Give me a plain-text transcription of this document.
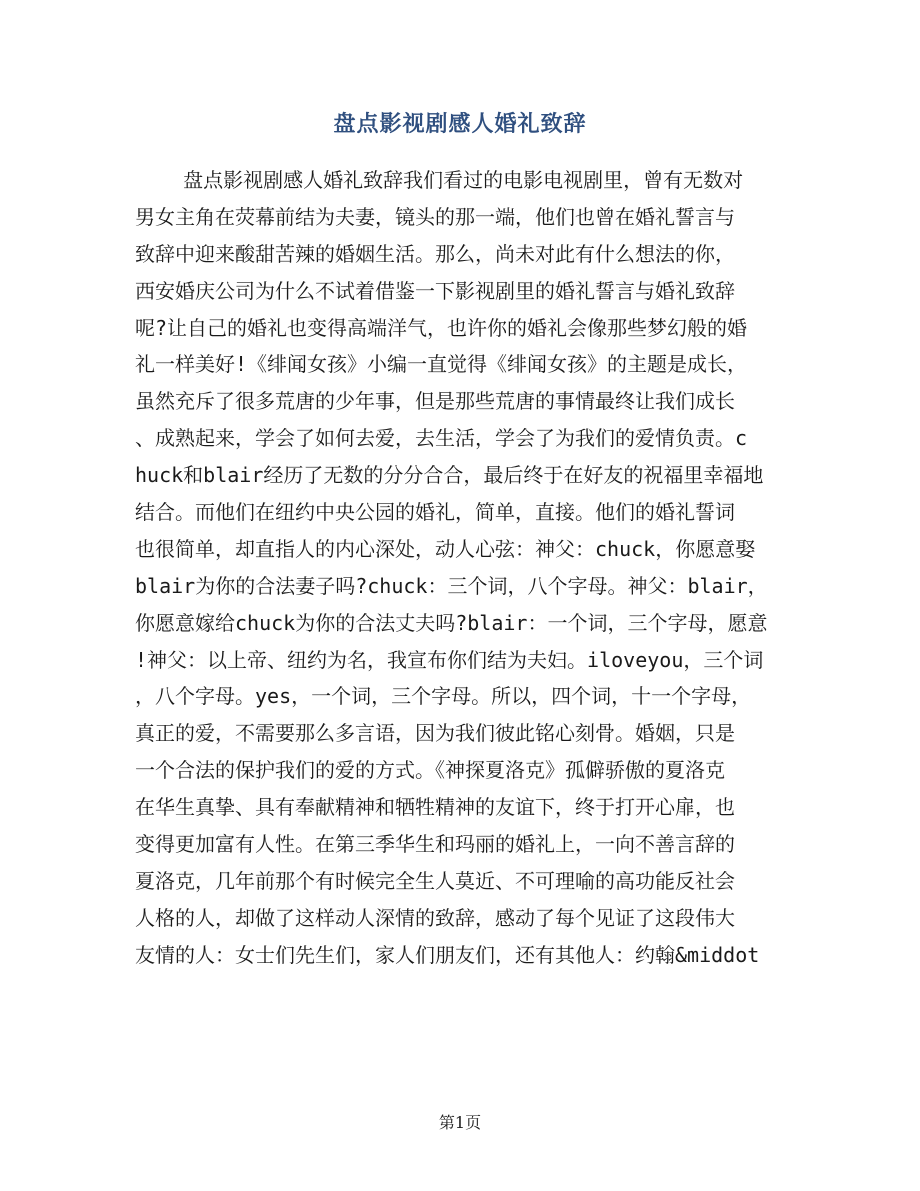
盘点影视剧感人婚礼致辞
盘点影视剧感人婚礼致辞我们看过的电影电视剧里，曾有无数对
男女主角在荧幕前结为夫妻，镜头的那一端，他们也曾在婚礼誓言与
致辞中迎来酸甜苦辣的婚姻生活。那么，尚未对此有什么想法的你，
西安婚庆公司为什么不试着借鉴一下影视剧里的婚礼誓言与婚礼致辞
呢?让自己的婚礼也变得高端洋气，也许你的婚礼会像那些梦幻般的婚
礼一样美好!《绯闻女孩》小编一直觉得《绯闻女孩》的主题是成长，
虽然充斥了很多荒唐的少年事，但是那些荒唐的事情最终让我们成长
、成熟起来，学会了如何去爱，去生活，学会了为我们的爱情负责。c
huck和blair经历了无数的分分合合，最后终于在好友的祝福里幸福地
结合。而他们在纽约中央公园的婚礼，简单，直接。他们的婚礼誓词
也很简单，却直指人的内心深处，动人心弦：神父：chuck，你愿意娶
blair为你的合法妻子吗?chuck：三个词，八个字母。神父：blair，
你愿意嫁给chuck为你的合法丈夫吗?blair：一个词，三个字母，愿意
!神父：以上帝、纽约为名，我宣布你们结为夫妇。iloveyou，三个词
，八个字母。yes，一个词，三个字母。所以，四个词，十一个字母，
真正的爱，不需要那么多言语，因为我们彼此铭心刻骨。婚姻，只是
一个合法的保护我们的爱的方式。《神探夏洛克》孤僻骄傲的夏洛克
在华生真挚、具有奉献精神和牺牲精神的友谊下，终于打开心扉，也
变得更加富有人性。在第三季华生和玛丽的婚礼上，一向不善言辞的
夏洛克，几年前那个有时候完全生人莫近、不可理喻的高功能反社会
人格的人，却做了这样动人深情的致辞，感动了每个见证了这段伟大
友情的人：女士们先生们，家人们朋友们，还有其他人：约翰&middot
第1页
